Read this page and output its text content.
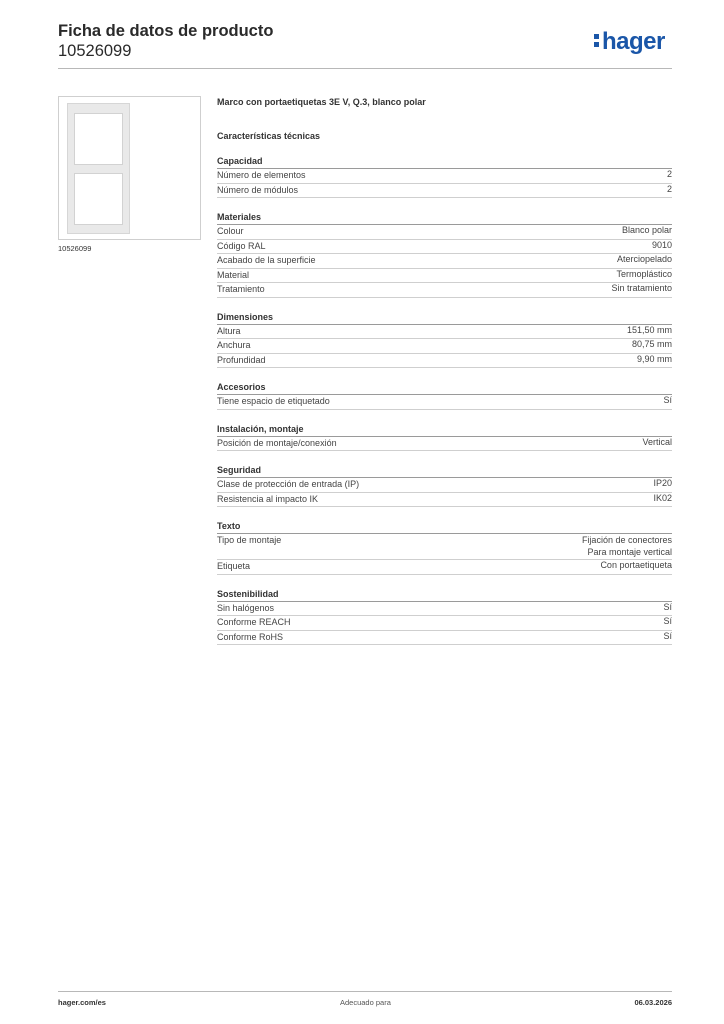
Ficha de datos de producto
10526099	hager
10526099
Marco con portaetiquetas 3E V, Q.3, blanco polar
Características técnicas
Capacidad
Número de elementos	2
Número de módulos	2
Materiales
Colour	Blanco polar
Código RAL	9010
Acabado de la superficie	Aterciopelado
Material	Termoplástico
Tratamiento	Sin tratamiento
Dimensiones
Altura	151,50 mm
Anchura	80,75 mm
Profundidad	9,90 mm
Accesorios
Tiene espacio de etiquetado	Sí
Instalación, montaje
Posición de montaje/conexión	Vertical
Seguridad
Clase de protección de entrada (IP)	IP20
Resistencia al impacto IK	IK02
Texto
Tipo de montaje	Fijación de conectores
Para montaje vertical
Etiqueta	Con portaetiqueta
Sostenibilidad
Sin halógenos	Sí
Conforme REACH	Sí
Conforme RoHS	Sí
hager.com/es	Adecuado para	06.03.2026
